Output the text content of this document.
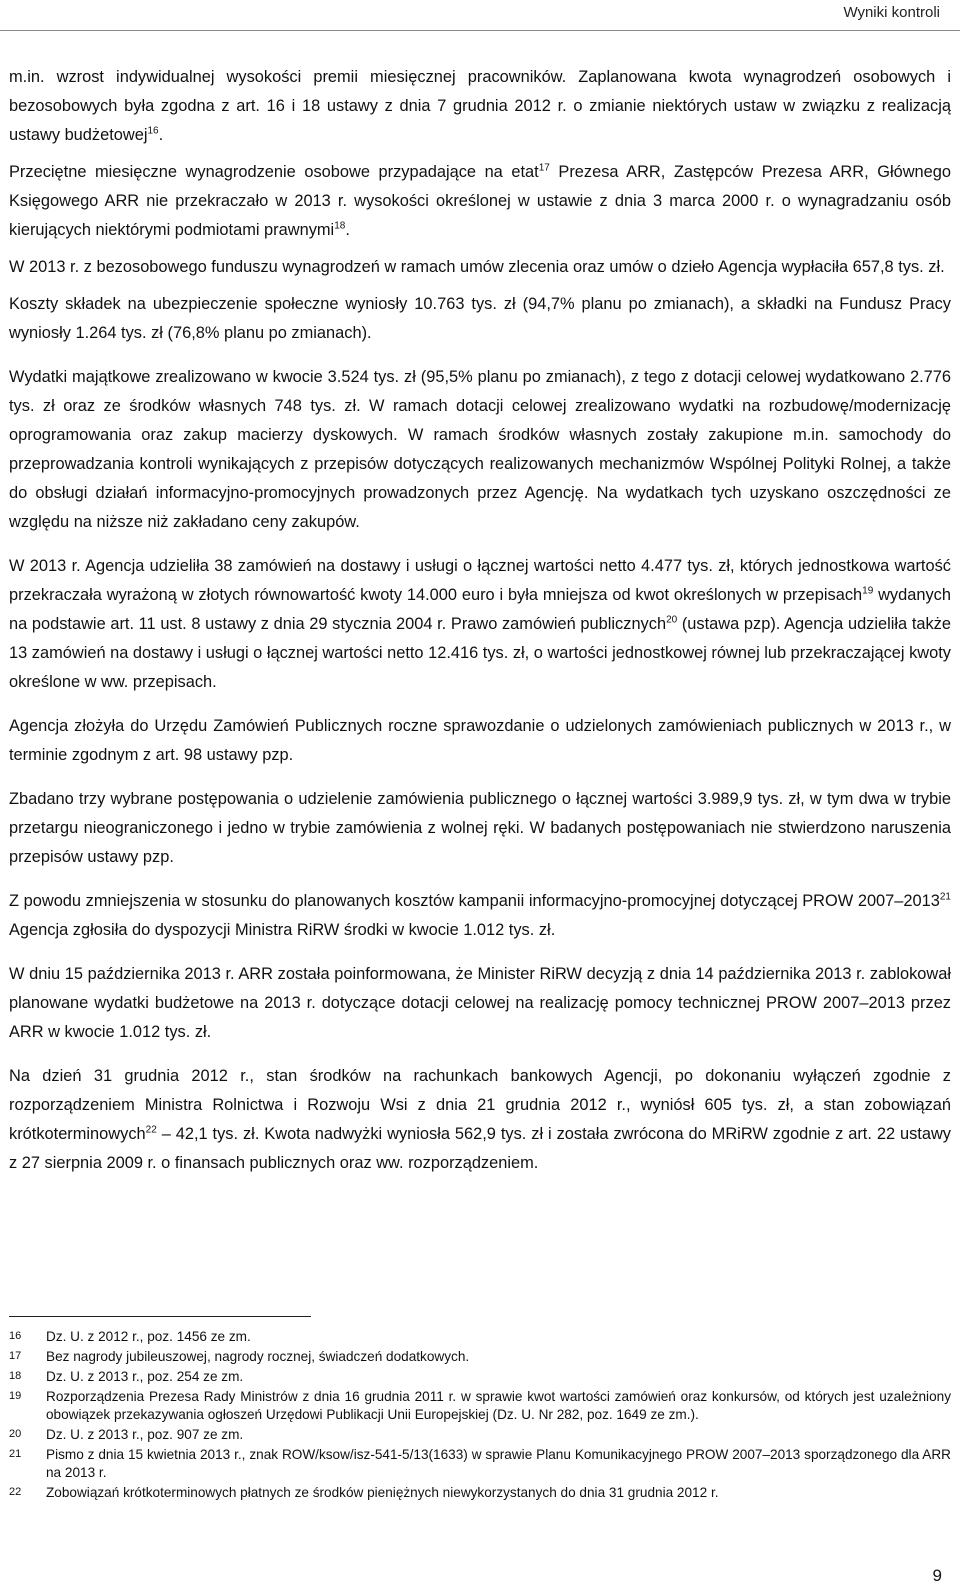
Wyniki kontroli

m.in. wzrost indywidualnej wysokości premii miesięcznej pracowników. Zaplanowana kwota wynagrodzeń osobowych i bezosobowych była zgodna z art. 16 i 18 ustawy z dnia 7 grudnia 2012 r. o zmianie niektórych ustaw w związku z realizacją ustawy budżetowej$^{16}$.

Przeciętne miesięczne wynagrodzenie osobowe przypadające na etat$^{17}$ Prezesa ARR, Zastępców Prezesa ARR, Głównego Księgowego ARR nie przekraczało w 2013 r. wysokości określonej w ustawie z dnia 3 marca 2000 r. o wynagradzaniu osób kierujących niektórymi podmiotami prawnymi$^{18}$.

W 2013 r. z bezosobowego funduszu wynagrodzeń w ramach umów zlecenia oraz umów o dzieło Agencja wypłaciła 657,8 tys. zł.

Koszty składek na ubezpieczenie społeczne wyniosły 10.763 tys. zł (94,7% planu po zmianach), a składki na Fundusz Pracy wyniosły 1.264 tys. zł (76,8% planu po zmianach).

Wydatki majątkowe zrealizowano w kwocie 3.524 tys. zł (95,5% planu po zmianach), z tego z dotacji celowej wydatkowano 2.776 tys. zł oraz ze środków własnych 748 tys. zł. W ramach dotacji celowej zrealizowano wydatki na rozbudowę/modernizację oprogramowania oraz zakup macierzy dyskowych. W ramach środków własnych zostały zakupione m.in. samochody do przeprowadzania kontroli wynikających z przepisów dotyczących realizowanych mechanizmów Wspólnej Polityki Rolnej, a także do obsługi działań informacyjno-promocyjnych prowadzonych przez Agencję. Na wydatkach tych uzyskano oszczędności ze względu na niższe niż zakładano ceny zakupów.

W 2013 r. Agencja udzieliła 38 zamówień na dostawy i usługi o łącznej wartości netto 4.477 tys. zł, których jednostkowa wartość przekraczała wyrażoną w złotych równowartość kwoty 14.000 euro i była mniejsza od kwot określonych w przepisach$^{19}$ wydanych na podstawie art. 11 ust. 8 ustawy z dnia 29 stycznia 2004 r. Prawo zamówień publicznych$^{20}$ (ustawa pzp). Agencja udzieliła także 13 zamówień na dostawy i usługi o łącznej wartości netto 12.416 tys. zł, o wartości jednostkowej równej lub przekraczającej kwoty określone w ww. przepisach.

Agencja złożyła do Urzędu Zamówień Publicznych roczne sprawozdanie o udzielonych zamówieniach publicznych w 2013 r., w terminie zgodnym z art. 98 ustawy pzp.

Zbadano trzy wybrane postępowania o udzielenie zamówienia publicznego o łącznej wartości 3.989,9 tys. zł, w tym dwa w trybie przetargu nieograniczonego i jedno w trybie zamówienia z wolnej ręki. W badanych postępowaniach nie stwierdzono naruszenia przepisów ustawy pzp.

Z powodu zmniejszenia w stosunku do planowanych kosztów kampanii informacyjno-promocyjnej dotyczącej PROW 2007–2013$^{21}$ Agencja zgłosiła do dyspozycji Ministra RiRW środki w kwocie 1.012 tys. zł.

W dniu 15 października 2013 r. ARR została poinformowana, że Minister RiRW decyzją z dnia 14 października 2013 r. zablokował planowane wydatki budżetowe na 2013 r. dotyczące dotacji celowej na realizację pomocy technicznej PROW 2007–2013 przez ARR w kwocie 1.012 tys. zł.

Na dzień 31 grudnia 2012 r., stan środków na rachunkach bankowych Agencji, po dokonaniu wyłączeń zgodnie z rozporządzeniem Ministra Rolnictwa i Rozwoju Wsi z dnia 21 grudnia 2012 r., wyniósł 605 tys. zł, a stan zobowiązań krótkoterminowych$^{22}$ – 42,1 tys. zł. Kwota nadwyżki wyniosła 562,9 tys. zł i została zwrócona do MRiRW zgodnie z art. 22 ustawy z 27 sierpnia 2009 r. o finansach publicznych oraz ww. rozporządzeniem.

16	Dz. U. z 2012 r., poz. 1456 ze zm.
17	Bez nagrody jubileuszowej, nagrody rocznej, świadczeń dodatkowych.
18	Dz. U. z 2013 r., poz. 254 ze zm.
19	Rozporządzenia Prezesa Rady Ministrów z dnia 16 grudnia 2011 r. w sprawie kwot wartości zamówień oraz konkursów, od których jest uzależniony obowiązek przekazywania ogłoszeń Urzędowi Publikacji Unii Europejskiej (Dz. U. Nr 282, poz. 1649 ze zm.).
20	Dz. U. z 2013 r., poz. 907 ze zm.
21	Pismo z dnia 15 kwietnia 2013 r., znak ROW/ksow/isz-541-5/13(1633) w sprawie Planu Komunikacyjnego PROW 2007–2013 sporządzonego dla ARR na 2013 r.
22	Zobowiązań krótkoterminowych płatnych ze środków pieniężnych niewykorzystanych do dnia 31 grudnia 2012 r.
9
